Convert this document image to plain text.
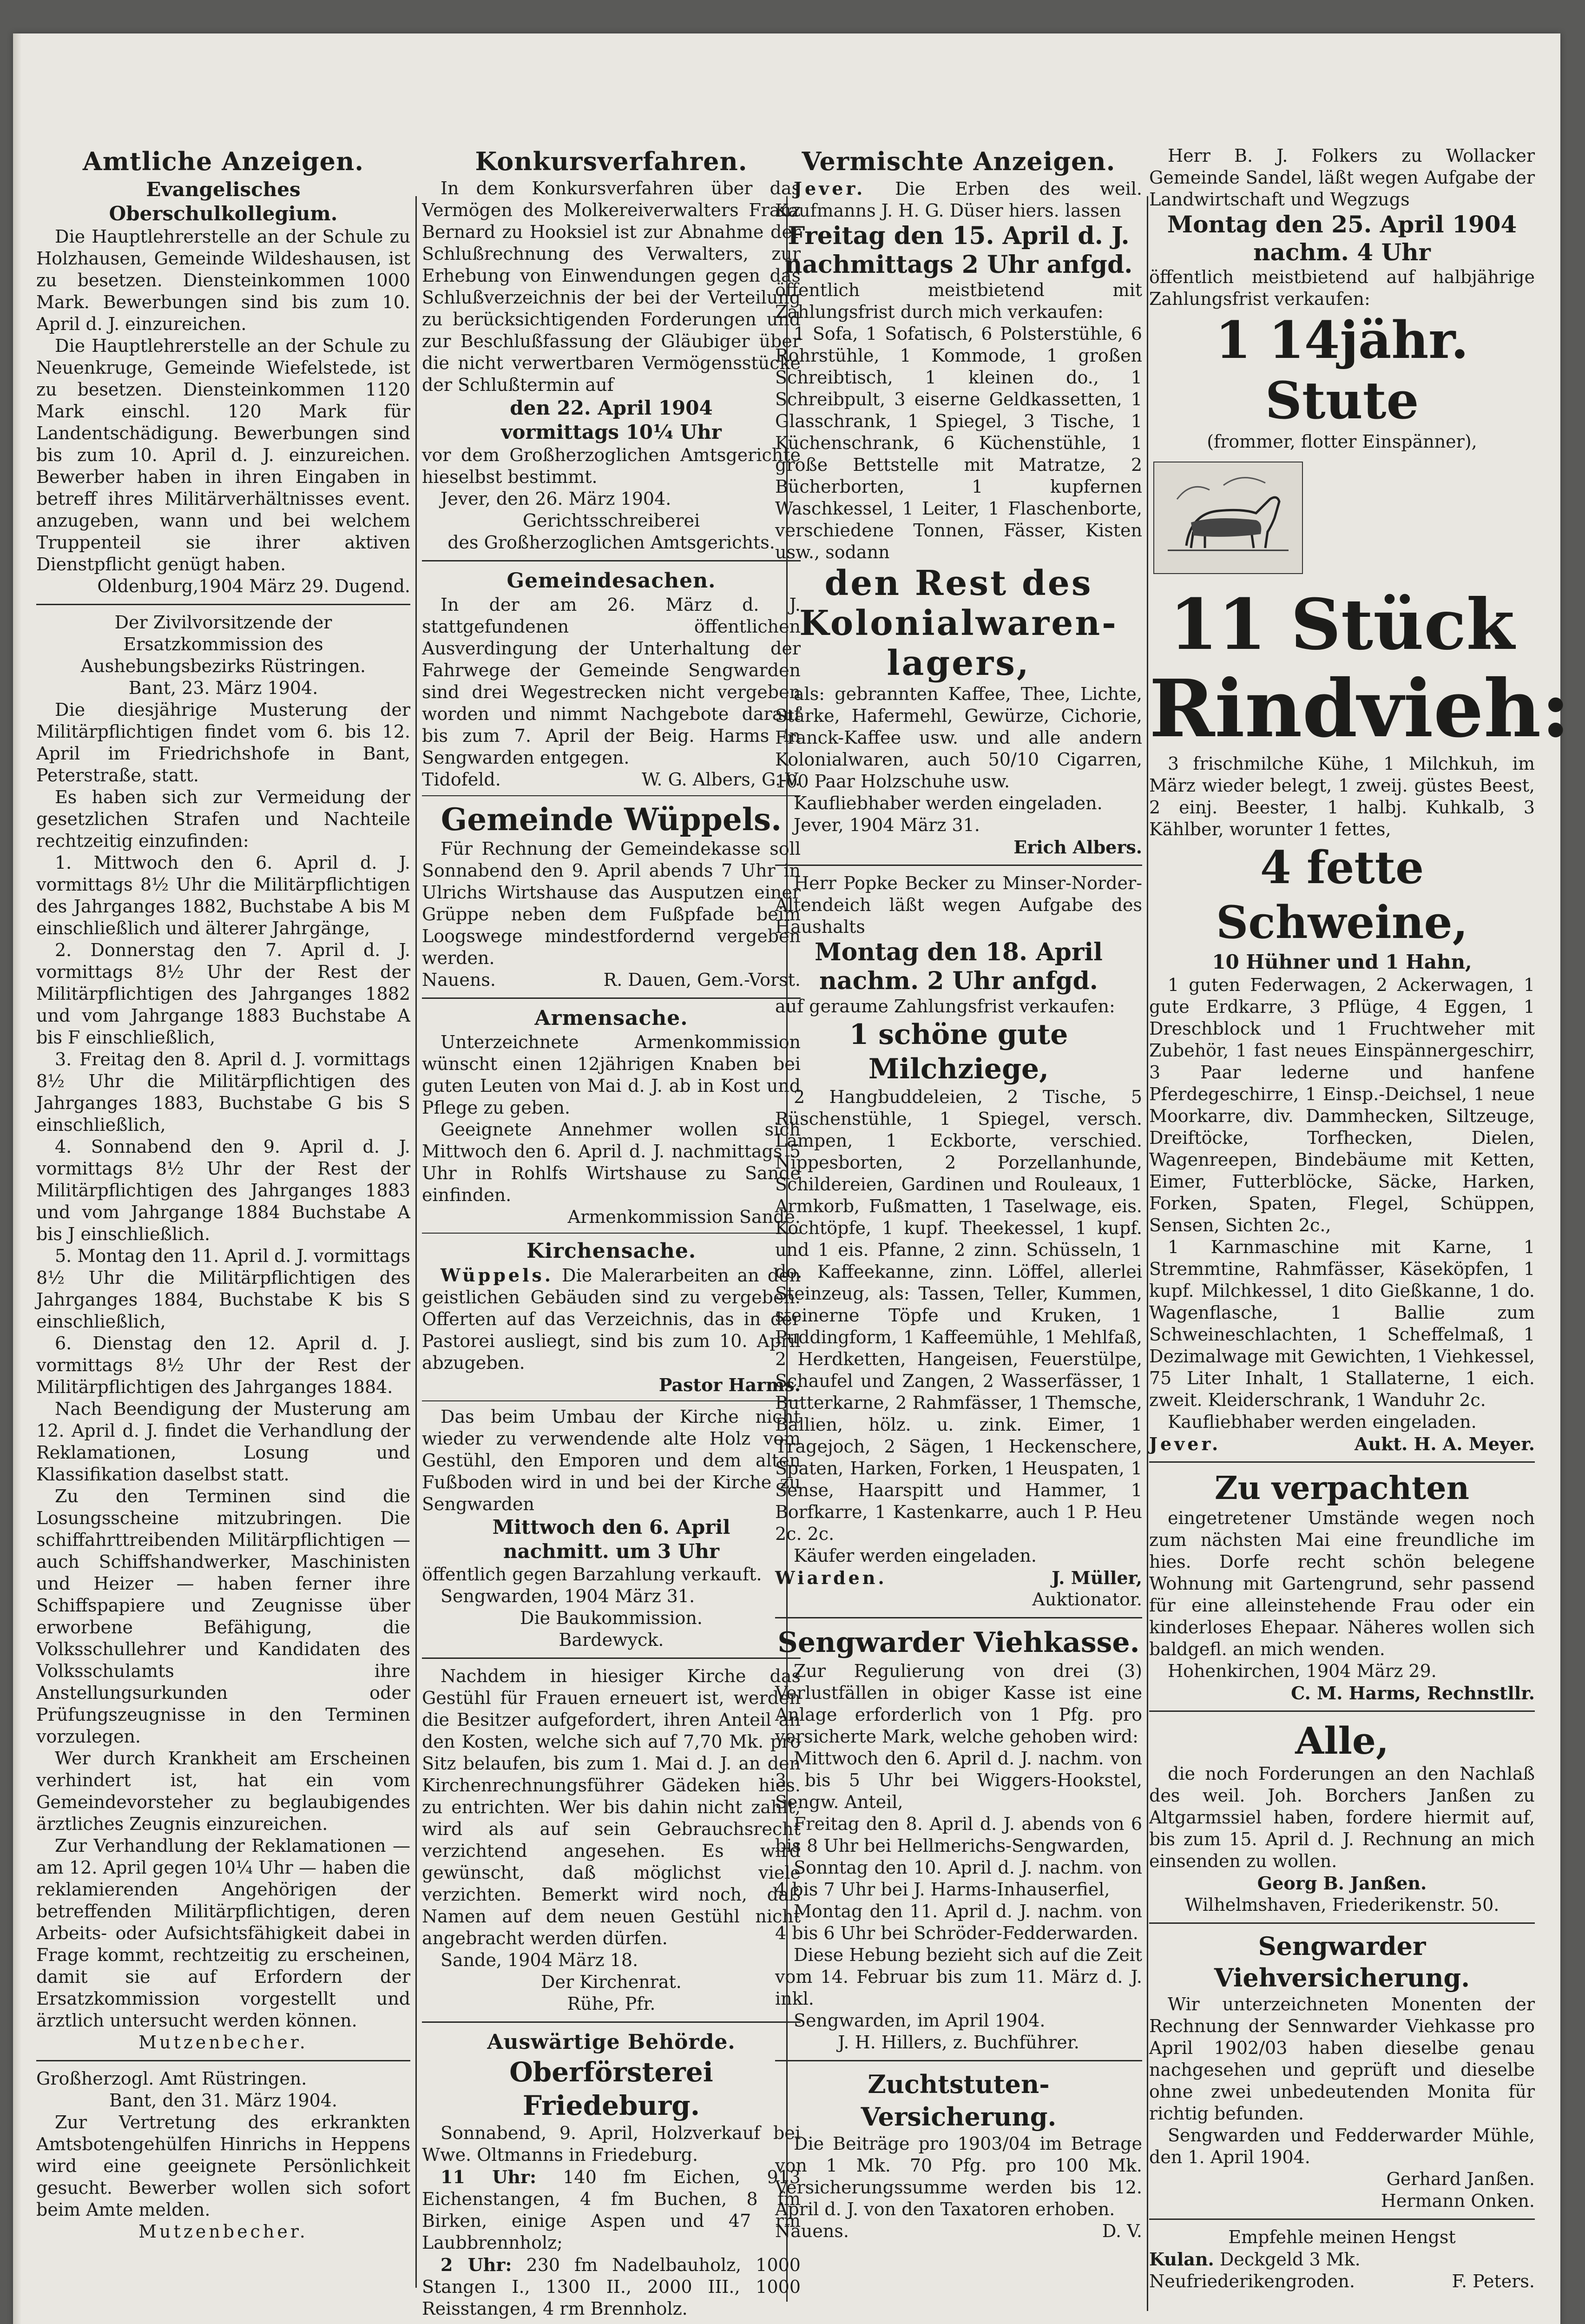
Amtliche Anzeigen.

Evangelisches Oberschulkollegium.

Die Hauptlehrerstelle an der Schule zu Holzhausen, Gemeinde Wildeshausen, ist zu besetzen. Diensteinkommen 1000 Mark. Bewerbungen sind bis zum 10. April d. J. einzureichen.

Die Hauptlehrerstelle an der Schule zu Neuenkruge, Gemeinde Wiefelstede, ist zu besetzen. Diensteinkommen 1120 Mark einschl. 120 Mark für Landentschädigung. Bewerbungen sind bis zum 10. April d. J. einzureichen. Bewerber haben in ihren Eingaben in betreff ihres Militärverhältnisses event. anzugeben, wann und bei welchem Truppenteil sie ihrer aktiven Dienstpflicht genügt haben.

Oldenburg,1904 März 29. Dugend.

Der Zivilvorsitzende der Ersatzkommission des Aushebungsbezirks Rüstringen.

Bant, 23. März 1904.

Die diesjährige Musterung der Militärpflichtigen findet vom 6. bis 12. April im Friedrichshofe in Bant, Peterstraße, statt.

Es haben sich zur Vermeidung der gesetzlichen Strafen und Nachteile rechtzeitig einzufinden:

1. Mittwoch den 6. April d. J. vormittags 8½ Uhr die Militärpflichtigen des Jahrganges 1882, Buchstabe A bis M einschließlich und älterer Jahrgänge,

2. Donnerstag den 7. April d. J. vormittags 8½ Uhr der Rest der Militärpflichtigen des Jahrganges 1882 und vom Jahrgange 1883 Buchstabe A bis F einschließlich,

3. Freitag den 8. April d. J. vormittags 8½ Uhr die Militärpflichtigen des Jahrganges 1883, Buchstabe G bis S einschließlich,

4. Sonnabend den 9. April d. J. vormittags 8½ Uhr der Rest der Militärpflichtigen des Jahrganges 1883 und vom Jahrgange 1884 Buchstabe A bis J einschließlich.

5. Montag den 11. April d. J. vormittags 8½ Uhr die Militärpflichtigen des Jahrganges 1884, Buchstabe K bis S einschließlich,

6. Dienstag den 12. April d. J. vormittags 8½ Uhr der Rest der Militärpflichtigen des Jahrganges 1884.

Nach Beendigung der Musterung am 12. April d. J. findet die Verhandlung der Reklamationen, Losung und Klassifikation daselbst statt.

Zu den Terminen sind die Losungsscheine mitzubringen. Die schiffahrttreibenden Militärpflichtigen — auch Schiffshandwerker, Maschinisten und Heizer — haben ferner ihre Schiffspapiere und Zeugnisse über erworbene Befähigung, die Volksschullehrer und Kandidaten des Volksschulamts ihre Anstellungsurkunden oder Prüfungszeugnisse in den Terminen vorzulegen.

Wer durch Krankheit am Erscheinen verhindert ist, hat ein vom Gemeindevorsteher zu beglaubigendes ärztliches Zeugnis einzureichen.

Zur Verhandlung der Reklamationen — am 12. April gegen 10¼ Uhr — haben die reklamierenden Angehörigen der betreffenden Militärpflichtigen, deren Arbeits- oder Aufsichtsfähigkeit dabei in Frage kommt, rechtzeitig zu erscheinen, damit sie auf Erfordern der Ersatzkommission vorgestellt und ärztlich untersucht werden können.

Mutzenbecher.

Großherzogl. Amt Rüstringen.

Bant, den 31. März 1904.

Zur Vertretung des erkrankten Amtsbotengehülfen Hinrichs in Heppens wird eine geeignete Persönlichkeit gesucht. Bewerber wollen sich sofort beim Amte melden.

Mutzenbecher.

Konkursverfahren.

In dem Konkursverfahren über das Vermögen des Molkereiverwalters Franz Bernard zu Hooksiel ist zur Abnahme der Schlußrechnung des Verwalters, zur Erhebung von Einwendungen gegen das Schlußverzeichnis der bei der Verteilung zu berücksichtigenden Forderungen und zur Beschlußfassung der Gläubiger über die nicht verwertbaren Vermögensstücke der Schlußtermin auf

den 22. April 1904

vormittags 10¼ Uhr

vor dem Großherzoglichen Amtsgerichte hieselbst bestimmt.

Jever, den 26. März 1904.

Gerichtsschreiberei

des Großherzoglichen Amtsgerichts.

Gemeindesachen.

In der am 26. März d. J. stattgefundenen öffentlichen Ausverdingung der Unterhaltung der Fahrwege der Gemeinde Sengwarden sind drei Wegestrecken nicht vergeben worden und nimmt Nachgebote darauf bis zum 7. April der Beig. Harms in Sengwarden entgegen.

Tidofeld.	W. G. Albers, G.-V.

Gemeinde Wüppels.

Für Rechnung der Gemeindekasse soll Sonnabend den 9. April abends 7 Uhr in Ulrichs Wirtshause das Ausputzen einer Grüppe neben dem Fußpfade beim Loogswege mindestfordernd vergeben werden.

Nauens.	R. Dauen, Gem.-Vorst.

Armensache.

Unterzeichnete Armenkommission wünscht einen 12jährigen Knaben bei guten Leuten von Mai d. J. ab in Kost und Pflege zu geben.

Geeignete Annehmer wollen sich Mittwoch den 6. April d. J. nachmittags 5 Uhr in Rohlfs Wirtshause zu Sande einfinden.

Armenkommission Sande.

Kirchensache.

Wüppels. Die Malerarbeiten an den geistlichen Gebäuden sind zu vergeben. Offerten auf das Verzeichnis, das in der Pastorei ausliegt, sind bis zum 10. April abzugeben.

Pastor Harms.

Das beim Umbau der Kirche nicht wieder zu verwendende alte Holz vom Gestühl, den Emporen und dem alten Fußboden wird in und bei der Kirche zu Sengwarden

Mittwoch den 6. April

nachmitt. um 3 Uhr

öffentlich gegen Barzahlung verkauft.

Sengwarden, 1904 März 31.

Die Baukommission.

Bardewyck.

Nachdem in hiesiger Kirche das Gestühl für Frauen erneuert ist, werden die Besitzer aufgefordert, ihren Anteil an den Kosten, welche sich auf 7,70 Mk. pro Sitz belaufen, bis zum 1. Mai d. J. an den Kirchenrechnungsführer Gädeken hies. zu entrichten. Wer bis dahin nicht zahlt, wird als auf sein Gebrauchsrecht verzichtend angesehen. Es wird gewünscht, daß möglichst viele verzichten. Bemerkt wird noch, daß Namen auf dem neuen Gestühl nicht angebracht werden dürfen.

Sande, 1904 März 18.

Der Kirchenrat.

Rühe, Pfr.

Auswärtige Behörde.

Oberförsterei Friedeburg.

Sonnabend, 9. April, Holzverkauf bei Wwe. Oltmanns in Friedeburg.

11 Uhr: 140 fm Eichen, 913 Eichenstangen, 4 fm Buchen, 8 fm Birken, einige Aspen und 47 rm Laubbrennholz;

2 Uhr: 230 fm Nadelbauholz, 1000 Stangen I., 1300 II., 2000 III., 1000 Reisstangen, 4 rm Brennholz.

Vermischte Anzeigen.

Jever. Die Erben des weil. Kaufmanns J. H. G. Düser hiers. lassen

Freitag den 15. April d. J.

nachmittags 2 Uhr anfgd.

öffentlich meistbietend mit Zahlungsfrist durch mich verkaufen:

1 Sofa, 1 Sofatisch, 6 Polsterstühle, 6 Rohrstühle, 1 Kommode, 1 großen Schreibtisch, 1 kleinen do., 1 Schreibpult, 3 eiserne Geldkassetten, 1 Glasschrank, 1 Spiegel, 3 Tische, 1 Küchenschrank, 6 Küchenstühle, 1 große Bettstelle mit Matratze, 2 Bücherborten, 1 kupfernen Waschkessel, 1 Leiter, 1 Flaschenborte, verschiedene Tonnen, Fässer, Kisten usw., sodann

den Rest des

Kolonialwaren-

lagers,

als: gebrannten Kaffee, Thee, Lichte, Stärke, Hafermehl, Gewürze, Cichorie, Franck-Kaffee usw. und alle andern Kolonialwaren, auch 50/10 Cigarren, 100 Paar Holzschuhe usw.

Kaufliebhaber werden eingeladen.

Jever, 1904 März 31.

Erich Albers.

Herr Popke Becker zu Minser-Norder-Altendeich läßt wegen Aufgabe des Haushalts

Montag den 18. April

nachm. 2 Uhr anfgd.

auf geraume Zahlungsfrist verkaufen:

1 schöne gute Milchziege,

2 Hangbuddeleien, 2 Tische, 5 Rüschenstühle, 1 Spiegel, versch. Lampen, 1 Eckborte, verschied. Nippesborten, 2 Porzellanhunde, Schildereien, Gardinen und Rouleaux, 1 Armkorb, Fußmatten, 1 Taselwage, eis. Kochtöpfe, 1 kupf. Theekessel, 1 kupf. und 1 eis. Pfanne, 2 zinn. Schüsseln, 1 do. Kaffeekanne, zinn. Löffel, allerlei Steinzeug, als: Tassen, Teller, Kummen, steinerne Töpfe und Kruken, 1 Puddingform, 1 Kaffeemühle, 1 Mehlfaß, 2 Herdketten, Hangeisen, Feuerstülpe, Schaufel und Zangen, 2 Wasserfässer, 1 Butterkarne, 2 Rahmfässer, 1 Themsche, Ballien, hölz. u. zink. Eimer, 1 Tragejoch, 2 Sägen, 1 Heckenschere, Spaten, Harken, Forken, 1 Heuspaten, 1 Sense, Haarspitt und Hammer, 1 Borfkarre, 1 Kastenkarre, auch 1 P. Heu 2c. 2c.

Käufer werden eingeladen.

Wiarden.	J. Müller,

Auktionator.

Sengwarder Viehkasse.

Zur Regulierung von drei (3) Verlustfällen in obiger Kasse ist eine Anlage erforderlich von 1 Pfg. pro versicherte Mark, welche gehoben wird:

Mittwoch den 6. April d. J. nachm. von 3 bis 5 Uhr bei Wiggers-Hookstel, Sengw. Anteil,

Freitag den 8. April d. J. abends von 6 bis 8 Uhr bei Hellmerichs-Sengwarden,

Sonntag den 10. April d. J. nachm. von 4 bis 7 Uhr bei J. Harms-Inhauserfiel,

Montag den 11. April d. J. nachm. von 4 bis 6 Uhr bei Schröder-Fedderwarden.

Diese Hebung bezieht sich auf die Zeit vom 14. Februar bis zum 11. März d. J. inkl.

Sengwarden, im April 1904.

J. H. Hillers, z. Buchführer.

Zuchtstuten-Versicherung.

Die Beiträge pro 1903/04 im Betrage von 1 Mk. 70 Pfg. pro 100 Mk. Versicherungssumme werden bis 12. April d. J. von den Taxatoren erhoben.

Nauens.	D. V.

Herr B. J. Folkers zu Wollacker Gemeinde Sandel, läßt wegen Aufgabe der Landwirtschaft und Wegzugs

Montag den 25. April 1904

nachm. 4 Uhr

öffentlich meistbietend auf halbjährige Zahlungsfrist verkaufen:

1 14jähr. Stute

(frommer, flotter Einspänner),

11 Stück

Rindvieh:

3 frischmilche Kühe, 1 Milchkuh, im März wieder belegt, 1 zweij. güstes Beest, 2 einj. Beester, 1 halbj. Kuhkalb, 3 Kählber, worunter 1 fettes,

4 fette Schweine,

10 Hühner und 1 Hahn,

1 guten Federwagen, 2 Ackerwagen, 1 gute Erdkarre, 3 Pflüge, 4 Eggen, 1 Dreschblock und 1 Fruchtweher mit Zubehör, 1 fast neues Einspännergeschirr, 3 Paar lederne und hanfene Pferdegeschirre, 1 Einsp.-Deichsel, 1 neue Moorkarre, div. Dammhecken, Siltzeuge, Dreiftöcke, Torfhecken, Dielen, Wagenreepen, Bindebäume mit Ketten, Eimer, Futterblöcke, Säcke, Harken, Forken, Spaten, Flegel, Schüppen, Sensen, Sichten 2c.,

1 Karnmaschine mit Karne, 1 Stremmtine, Rahmfässer, Käseköpfen, 1 kupf. Milchkessel, 1 dito Gießkanne, 1 do. Wagenflasche, 1 Ballie zum Schweineschlachten, 1 Scheffelmaß, 1 Dezimalwage mit Gewichten, 1 Viehkessel, 75 Liter Inhalt, 1 Stallaterne, 1 eich. zweit. Kleiderschrank, 1 Wanduhr 2c.

Kaufliebhaber werden eingeladen.

Jever.	Aukt. H. A. Meyer.

Zu verpachten

eingetretener Umstände wegen noch zum nächsten Mai eine freundliche im hies. Dorfe recht schön belegene Wohnung mit Gartengrund, sehr passend für eine alleinstehende Frau oder ein kinderloses Ehepaar. Näheres wollen sich baldgefl. an mich wenden.

Hohenkirchen, 1904 März 29.

C. M. Harms, Rechnstllr.

Alle,

die noch Forderungen an den Nachlaß des weil. Joh. Borchers Janßen zu Altgarmssiel haben, fordere hiermit auf, bis zum 15. April d. J. Rechnung an mich einsenden zu wollen.

Georg B. Janßen.

Wilhelmshaven, Friederikenstr. 50.

Sengwarder Viehversicherung.

Wir unterzeichneten Monenten der Rechnung der Sennwarder Viehkasse pro April 1902/03 haben dieselbe genau nachgesehen und geprüft und dieselbe ohne zwei unbedeutenden Monita für richtig befunden.

Sengwarden und Fedderwarder Mühle, den 1. April 1904.

Gerhard Janßen.

Hermann Onken.

Empfehle meinen Hengst

Kulan. Deckgeld 3 Mk.

Neufriederikengroden.	F. Peters.
